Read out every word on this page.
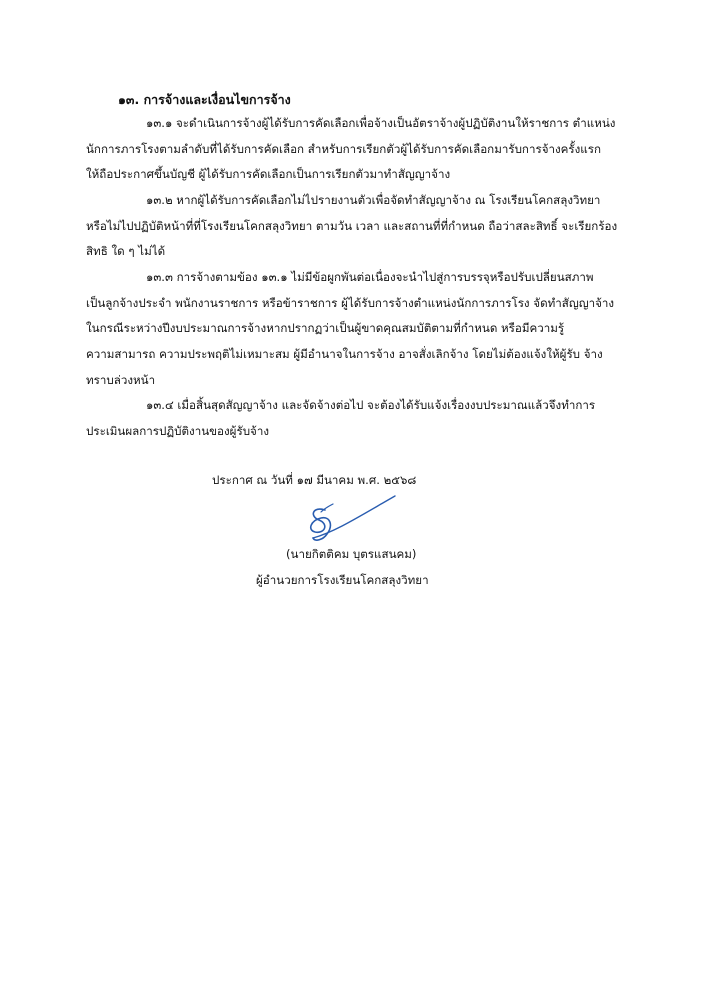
๑๓. การจ้างและเงื่อนไขการจ้าง
๑๓.๑ จะดำเนินการจ้างผู้ได้รับการคัดเลือกเพื่อจ้างเป็นอัตราจ้างผู้ปฏิบัติงานให้ราชการ ตำแหน่ง
นักการภารโรงตามลำดับที่ได้รับการคัดเลือก สำหรับการเรียกตัวผู้ได้รับการคัดเลือกมารับการจ้างครั้งแรก
ให้ถือประกาศขึ้นบัญชี ผู้ได้รับการคัดเลือกเป็นการเรียกตัวมาทำสัญญาจ้าง
๑๓.๒ หากผู้ได้รับการคัดเลือกไม่ไปรายงานตัวเพื่อจัดทำสัญญาจ้าง ณ โรงเรียนโคกสลุงวิทยา
หรือไม่ไปปฏิบัติหน้าที่ที่โรงเรียนโคกสลุงวิทยา ตามวัน เวลา และสถานที่ที่กำหนด ถือว่าสละสิทธิ์ จะเรียกร้อง
สิทธิ ใด ๆ ไม่ได้
๑๓.๓ การจ้างตามข้อง ๑๓.๑ ไม่มีข้อผูกพันต่อเนื่องจะนำไปสู่การบรรจุหรือปรับเปลี่ยนสภาพ
เป็นลูกจ้างประจำ พนักงานราชการ หรือข้าราชการ ผู้ได้รับการจ้างตำแหน่งนักการภารโรง จัดทำสัญญาจ้าง
ในกรณีระหว่างปีงบประมาณการจ้างหากปรากฏว่าเป็นผู้ขาดคุณสมบัติตามที่กำหนด หรือมีความรู้
ความสามารถ ความประพฤติไม่เหมาะสม ผู้มีอำนาจในการจ้าง อาจสั่งเลิกจ้าง โดยไม่ต้องแจ้งให้ผู้รับ จ้าง
ทราบล่วงหน้า
๑๓.๔ เมื่อสิ้นสุดสัญญาจ้าง และจัดจ้างต่อไป จะต้องได้รับแจ้งเรื่องงบประมาณแล้วจึงทำการ
ประเมินผลการปฏิบัติงานของผู้รับจ้าง
ประกาศ ณ วันที่ ๑๗ มีนาคม พ.ศ. ๒๕๖๘
(นายกิตติคม บุตรแสนคม)
ผู้อำนวยการโรงเรียนโคกสลุงวิทยา
